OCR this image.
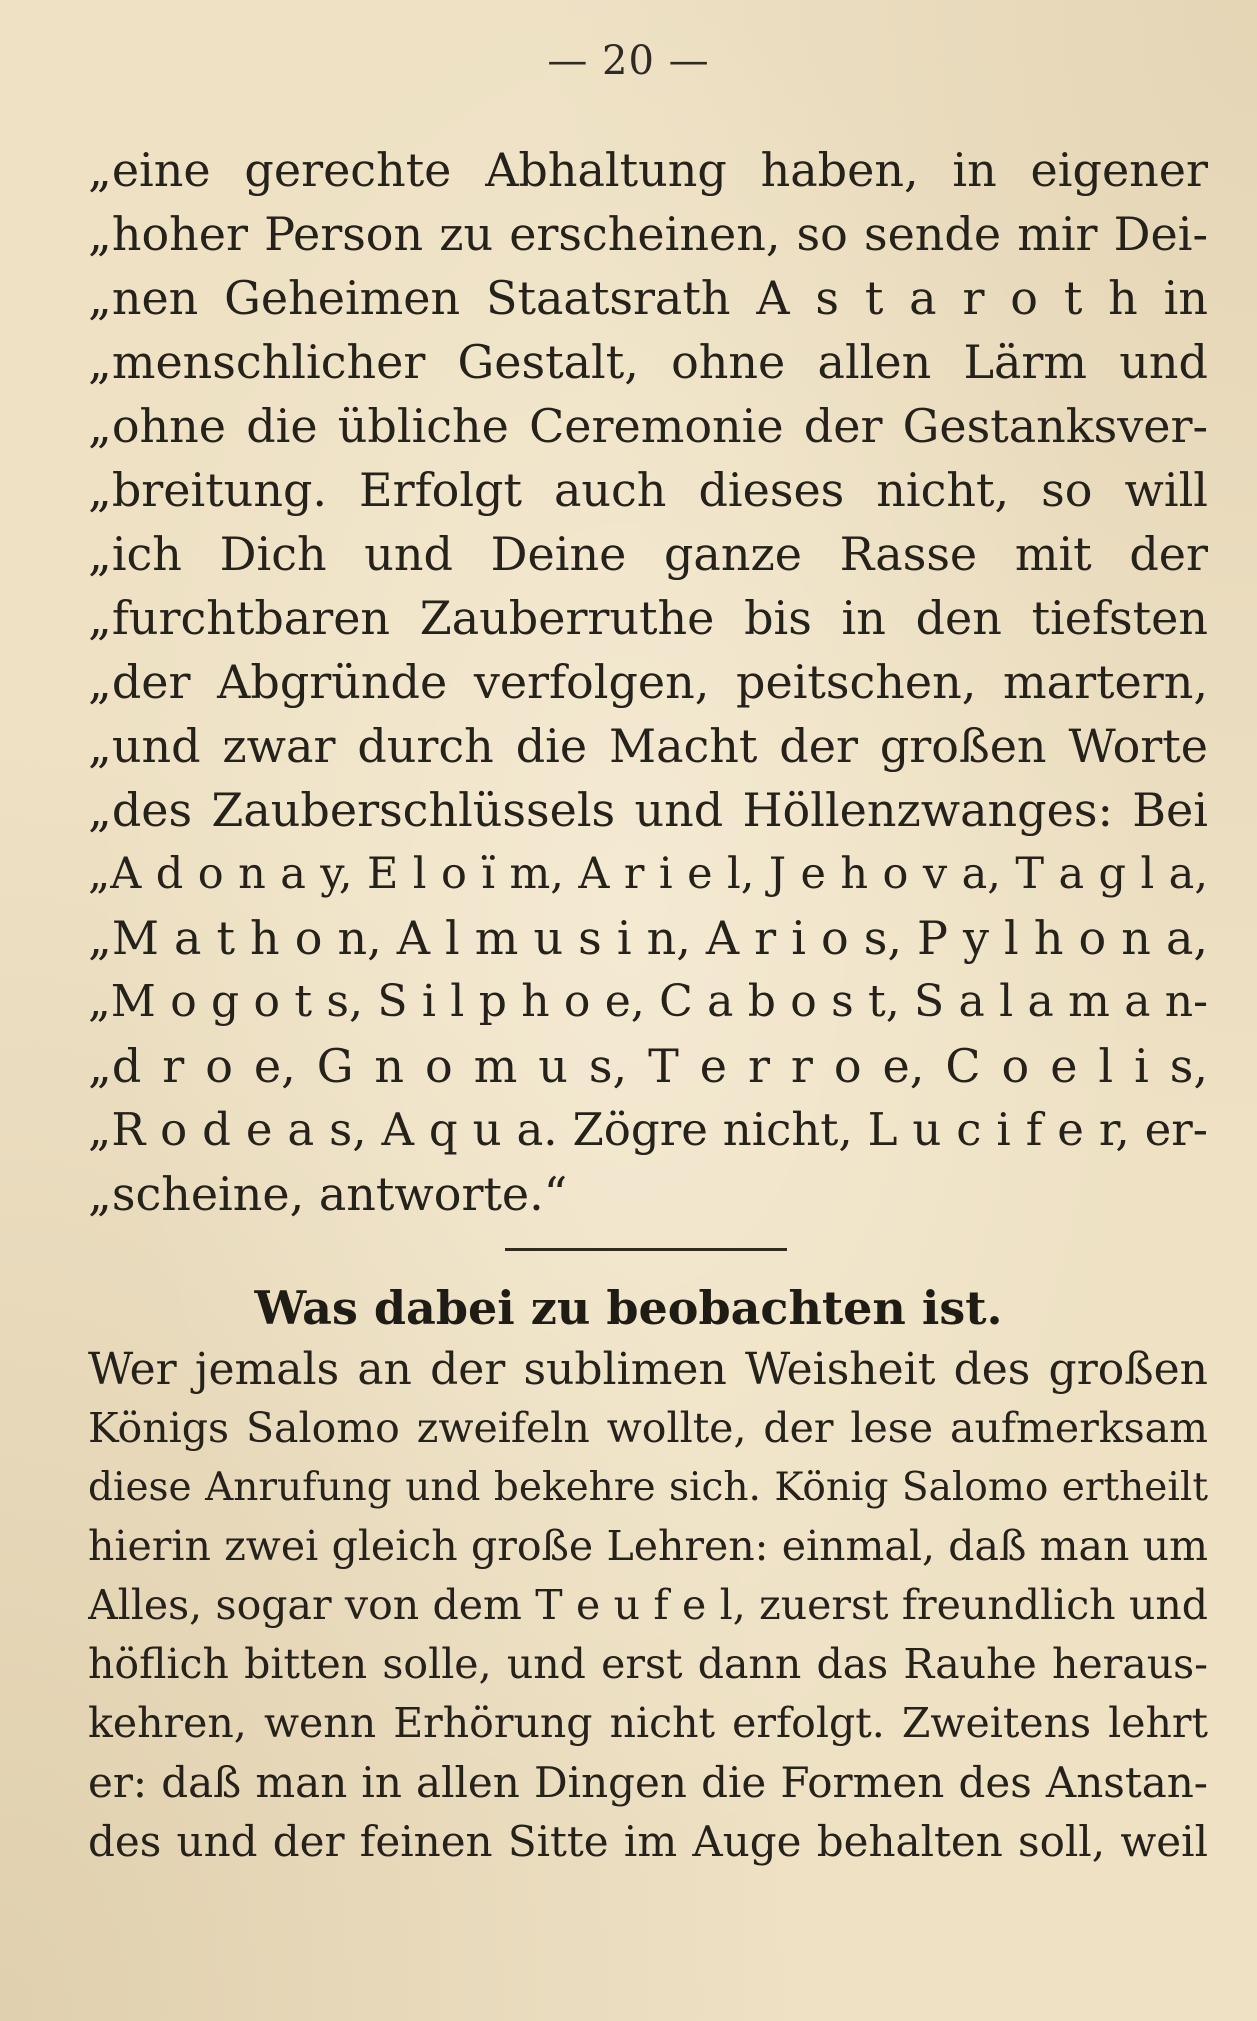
— 20 —
„eine gerechte Abhaltung haben, in eigener
„hoher Person zu erscheinen, so sende mir Dei-
„nen Geheimen Staatsrath A s t a r o t h in
„menschlicher Gestalt, ohne allen Lärm und
„ohne die übliche Ceremonie der Gestanksver-
„breitung. Erfolgt auch dieses nicht, so will
„ich Dich und Deine ganze Rasse mit der
„furchtbaren Zauberruthe bis in den tiefsten
„der Abgründe verfolgen, peitschen, martern,
„und zwar durch die Macht der großen Worte
„des Zauberschlüssels und Höllenzwanges: Bei
„A d o n a y, E l o ï m, A r i e l, J e h o v a, T a g l a,
„M a t h o n, A l m u s i n, A r i o s, P y l h o n a,
„M o g o t s, S i l p h o e, C a b o s t, S a l a m a n-
„d r o e, G n o m u s, T e r r o e, C o e l i s,
„R o d e a s, A q u a. Zögre nicht, L u c i f e r, er-
„scheine, antworte.“
Was dabei zu beobachten ist.
Wer jemals an der sublimen Weisheit des großen
Königs Salomo zweifeln wollte, der lese aufmerksam
diese Anrufung und bekehre sich. König Salomo ertheilt
hierin zwei gleich große Lehren: einmal, daß man um
Alles, sogar von dem T e u f e l, zuerst freundlich und
höflich bitten solle, und erst dann das Rauhe heraus-
kehren, wenn Erhörung nicht erfolgt. Zweitens lehrt
er: daß man in allen Dingen die Formen des Anstan-
des und der feinen Sitte im Auge behalten soll, weil
